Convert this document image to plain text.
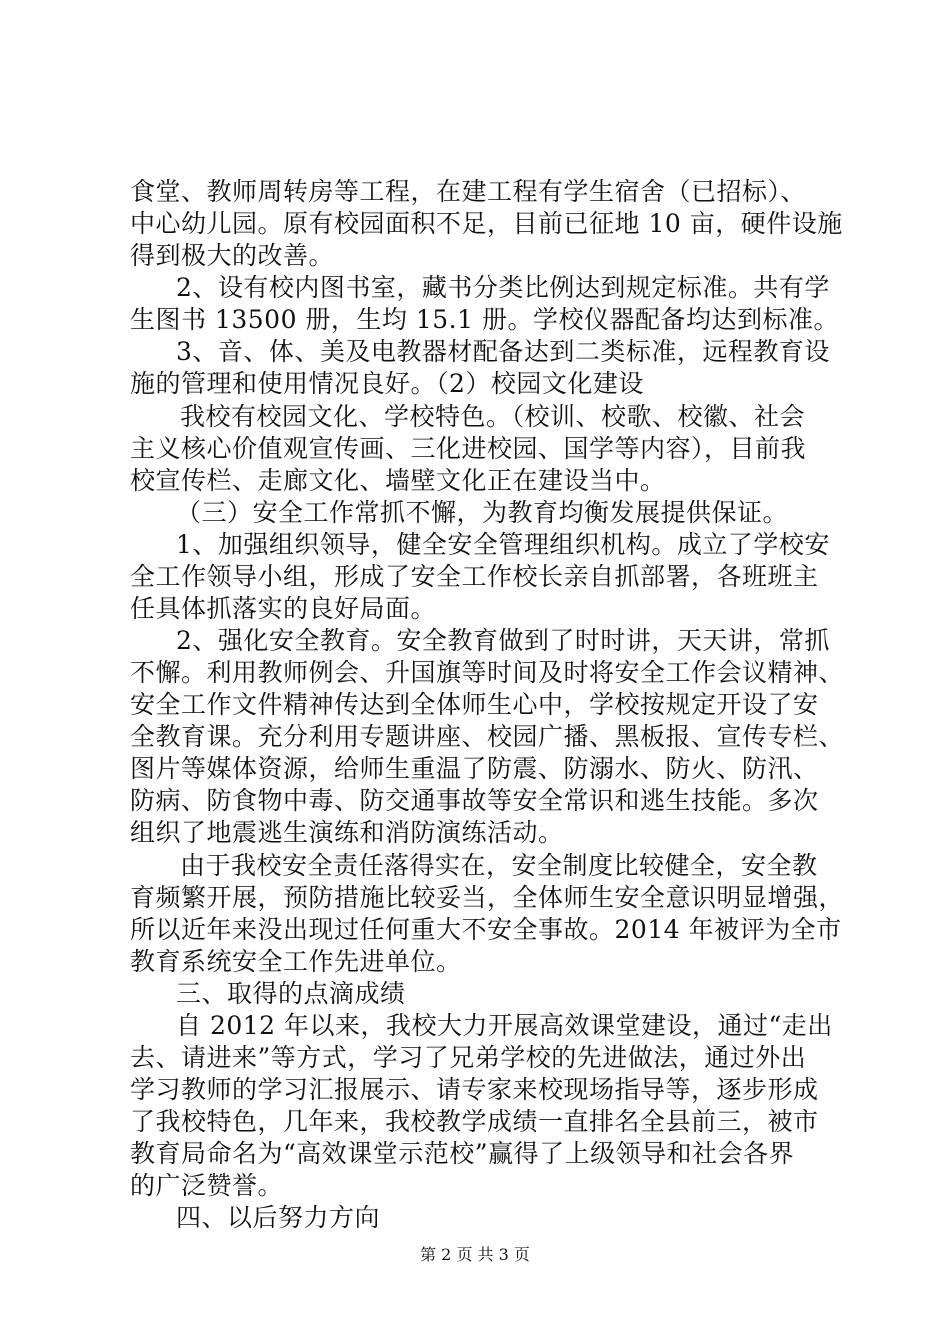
食堂、教师周转房等工程，在建工程有学生宿舍（已招标）、
中心幼儿园。原有校园面积不足，目前已征地 10 亩，硬件设施
得到极大的改善。
2、设有校内图书室，藏书分类比例达到规定标准。共有学
生图书 13500 册，生均 15.1 册。学校仪器配备均达到标准。
3、音、体、美及电教器材配备达到二类标准，远程教育设
施的管理和使用情况良好。（2）校园文化建设
我校有校园文化、学校特色。（校训、校歌、校徽、社会
主义核心价值观宣传画、三化进校园、国学等内容），目前我
校宣传栏、走廊文化、墙壁文化正在建设当中。
（三）安全工作常抓不懈，为教育均衡发展提供保证。
1、加强组织领导，健全安全管理组织机构。成立了学校安
全工作领导小组，形成了安全工作校长亲自抓部署，各班班主
任具体抓落实的良好局面。
2、强化安全教育。安全教育做到了时时讲，天天讲，常抓
不懈。利用教师例会、升国旗等时间及时将安全工作会议精神、
安全工作文件精神传达到全体师生心中，学校按规定开设了安
全教育课。充分利用专题讲座、校园广播、黑板报、宣传专栏、
图片等媒体资源，给师生重温了防震、防溺水、防火、防汛、
防病、防食物中毒、防交通事故等安全常识和逃生技能。多次
组织了地震逃生演练和消防演练活动。
由于我校安全责任落得实在，安全制度比较健全，安全教
育频繁开展，预防措施比较妥当，全体师生安全意识明显增强，
所以近年来没出现过任何重大不安全事故。2014 年被评为全市
教育系统安全工作先进单位。
三、取得的点滴成绩
自 2012 年以来，我校大力开展高效课堂建设，通过“走出
去、请进来”等方式，学习了兄弟学校的先进做法，通过外出
学习教师的学习汇报展示、请专家来校现场指导等，逐步形成
了我校特色，几年来，我校教学成绩一直排名全县前三，被市
教育局命名为“高效课堂示范校”赢得了上级领导和社会各界
的广泛赞誉。
四、以后努力方向
第 2 页 共 3 页
